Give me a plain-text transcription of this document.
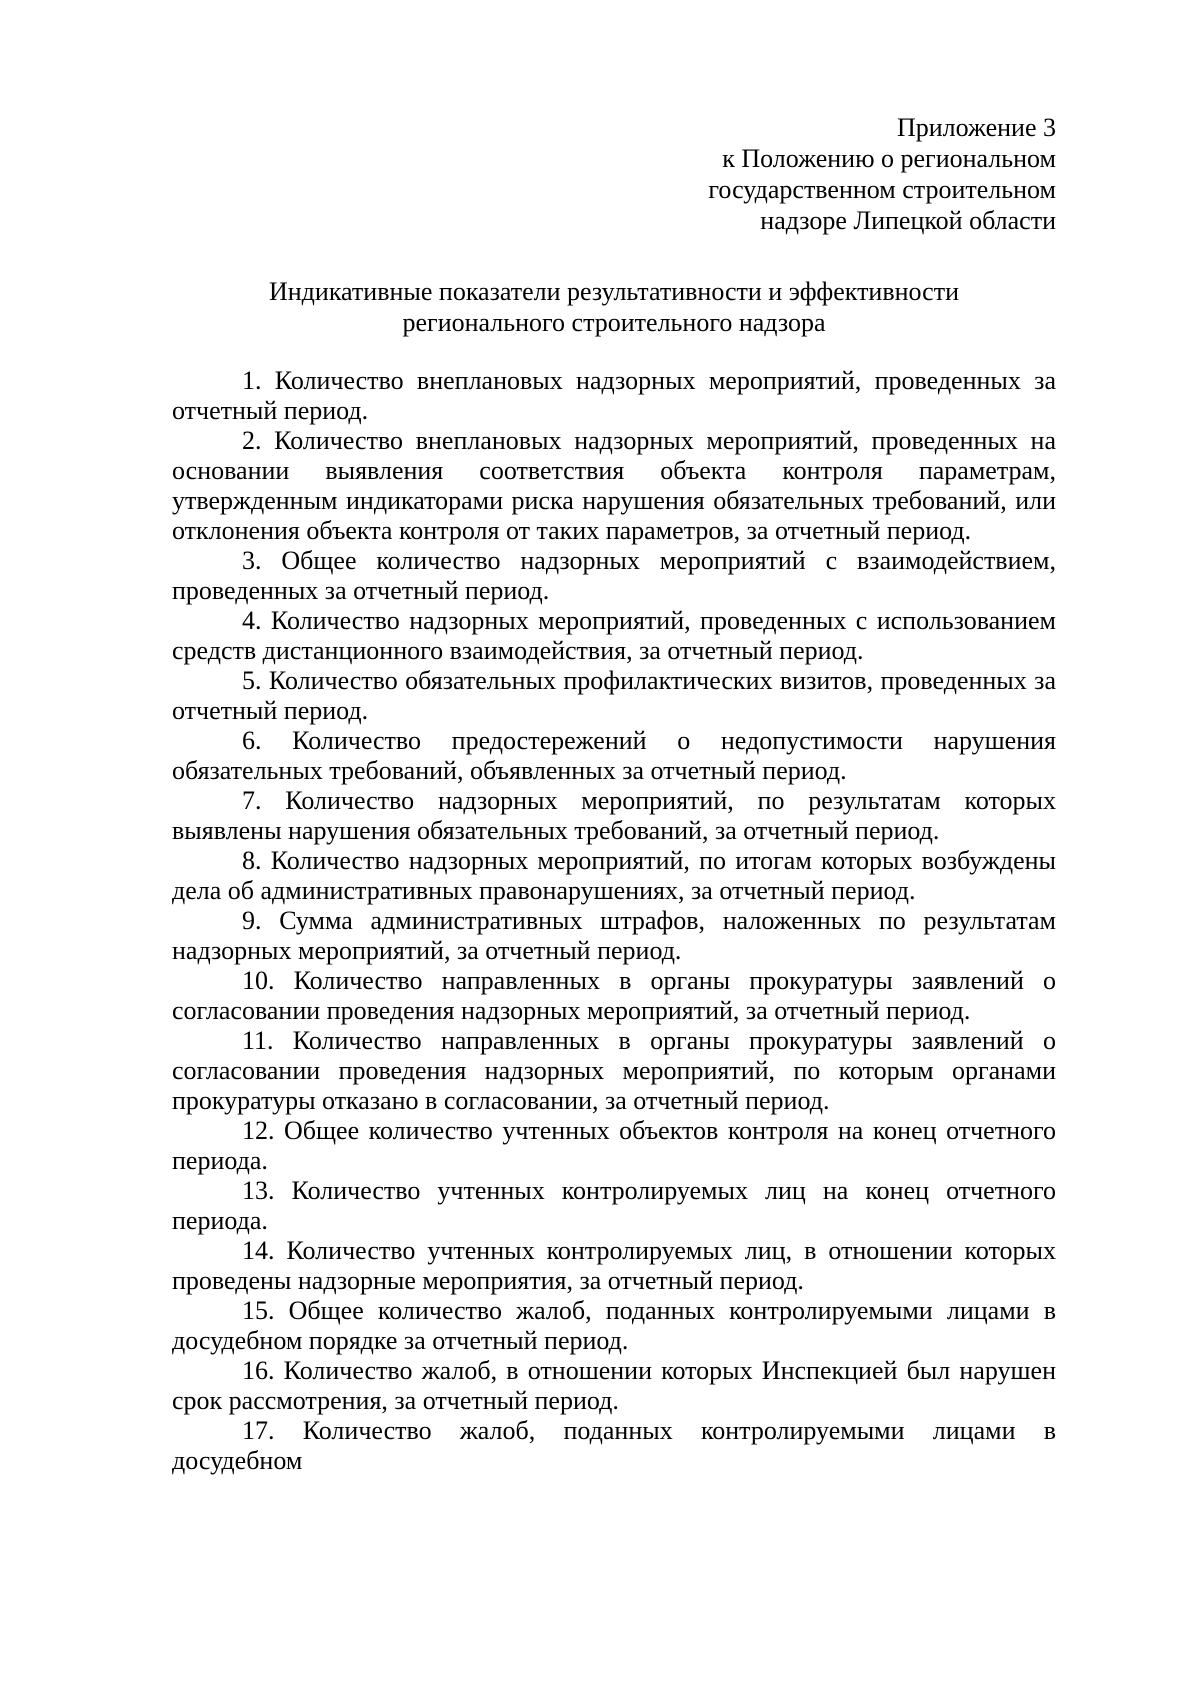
Приложение 3
к Положению о региональном
государственном строительном
надзоре Липецкой области
Индикативные показатели результативности и эффективности
регионального строительного надзора

1. Количество внеплановых надзорных мероприятий, проведенных за отчетный период.

2. Количество внеплановых надзорных мероприятий, проведенных на основании выявления соответствия объекта контроля параметрам, утвержденным индикаторами риска нарушения обязательных требований, или отклонения объекта контроля от таких параметров, за отчетный период.

3. Общее количество надзорных мероприятий с взаимодействием, проведенных за отчетный период.

4. Количество надзорных мероприятий, проведенных с использованием средств дистанционного взаимодействия, за отчетный период.

5. Количество обязательных профилактических визитов, проведенных за отчетный период.

6. Количество предостережений о недопустимости нарушения обязательных требований, объявленных за отчетный период.

7. Количество надзорных мероприятий, по результатам которых выявлены нарушения обязательных требований, за отчетный период.

8. Количество надзорных мероприятий, по итогам которых возбуждены дела об административных правонарушениях, за отчетный период.

9. Сумма административных штрафов, наложенных по результатам надзорных мероприятий, за отчетный период.

10. Количество направленных в органы прокуратуры заявлений о согласовании проведения надзорных мероприятий, за отчетный период.

11. Количество направленных в органы прокуратуры заявлений о согласовании проведения надзорных мероприятий, по которым органами прокуратуры отказано в согласовании, за отчетный период.

12. Общее количество учтенных объектов контроля на конец отчетного периода.

13. Количество учтенных контролируемых лиц на конец отчетного периода.

14. Количество учтенных контролируемых лиц, в отношении которых проведены надзорные мероприятия, за отчетный период.

15. Общее количество жалоб, поданных контролируемыми лицами в досудебном порядке за отчетный период.

16. Количество жалоб, в отношении которых Инспекцией был нарушен срок рассмотрения, за отчетный период.

17. Количество жалоб, поданных контролируемыми лицами в досудебном
